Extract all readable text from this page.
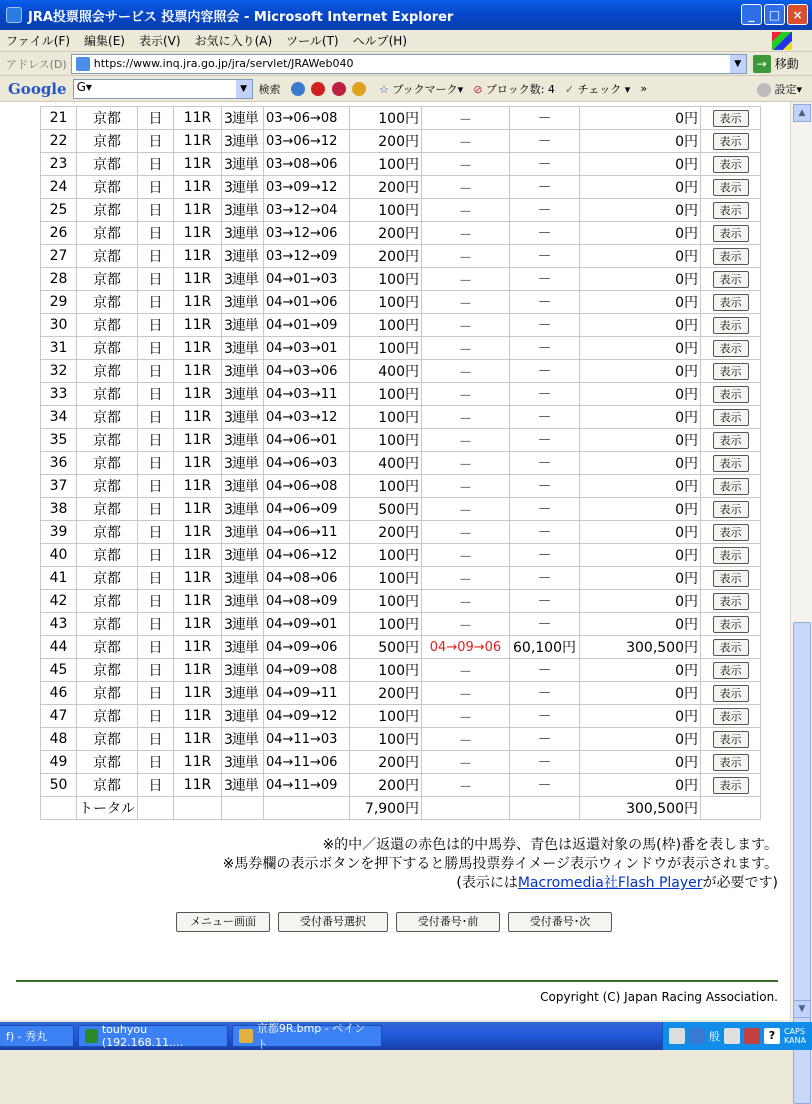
JRA投票照会サービス 投票内容照会 - Microsoft Internet Explorer	_	□	×
ファイル(F) 編集(E) 表示(V) お気に入り(A) ツール(T) ヘルプ(H)
アドレス(D) https://www.inq.jra.go.jp/jra/servlet/JRAWeb040	▼	→ 移動
Google G▾	▼	検索
	☆ ブックマーク▾ ⊘ ブロック数: 4 ✓ チェック ▾ »	設定▾
21	京都	日	11R	3連単	03→06→08	100円	－	－	0円	表示
22	京都	日	11R	3連単	03→06→12	200円	－	－	0円	表示
23	京都	日	11R	3連単	03→08→06	100円	－	－	0円	表示
24	京都	日	11R	3連単	03→09→12	200円	－	－	0円	表示
25	京都	日	11R	3連単	03→12→04	100円	－	－	0円	表示
26	京都	日	11R	3連単	03→12→06	200円	－	－	0円	表示
27	京都	日	11R	3連単	03→12→09	200円	－	－	0円	表示
28	京都	日	11R	3連単	04→01→03	100円	－	－	0円	表示
29	京都	日	11R	3連単	04→01→06	100円	－	－	0円	表示
30	京都	日	11R	3連単	04→01→09	100円	－	－	0円	表示
31	京都	日	11R	3連単	04→03→01	100円	－	－	0円	表示
32	京都	日	11R	3連単	04→03→06	400円	－	－	0円	表示
33	京都	日	11R	3連単	04→03→11	100円	－	－	0円	表示
34	京都	日	11R	3連単	04→03→12	100円	－	－	0円	表示
35	京都	日	11R	3連単	04→06→01	100円	－	－	0円	表示
36	京都	日	11R	3連単	04→06→03	400円	－	－	0円	表示
37	京都	日	11R	3連単	04→06→08	100円	－	－	0円	表示
38	京都	日	11R	3連単	04→06→09	500円	－	－	0円	表示
39	京都	日	11R	3連単	04→06→11	200円	－	－	0円	表示
40	京都	日	11R	3連単	04→06→12	100円	－	－	0円	表示
41	京都	日	11R	3連単	04→08→06	100円	－	－	0円	表示
42	京都	日	11R	3連単	04→08→09	100円	－	－	0円	表示
43	京都	日	11R	3連単	04→09→01	100円	－	－	0円	表示
44	京都	日	11R	3連単	04→09→06	500円	04→09→06	60,100円	300,500円	表示
45	京都	日	11R	3連単	04→09→08	100円	－	－	0円	表示
46	京都	日	11R	3連単	04→09→11	200円	－	－	0円	表示
47	京都	日	11R	3連単	04→09→12	100円	－	－	0円	表示
48	京都	日	11R	3連単	04→11→03	100円	－	－	0円	表示
49	京都	日	11R	3連単	04→11→06	200円	－	－	0円	表示
50	京都	日	11R	3連単	04→11→09	200円	－	－	0円	表示
	トータル					7,900円			300,500円	
※的中／返還の赤色は的中馬券、青色は返還対象の馬(枠)番を表します。
※馬券欄の表示ボタンを押下すると勝馬投票券イメージ表示ウィンドウが表示されます。
(表示にはMacromedia社Flash Playerが必要です)
メニュー画面	受付番号選択	受付番号･前	受付番号･次
Copyright (C) Japan Racing Association.
▲
▼
f) - 秀丸
touhyou (192.168.11....
京都9R.bmp - ペイント
般	?	CAPS
KANA
